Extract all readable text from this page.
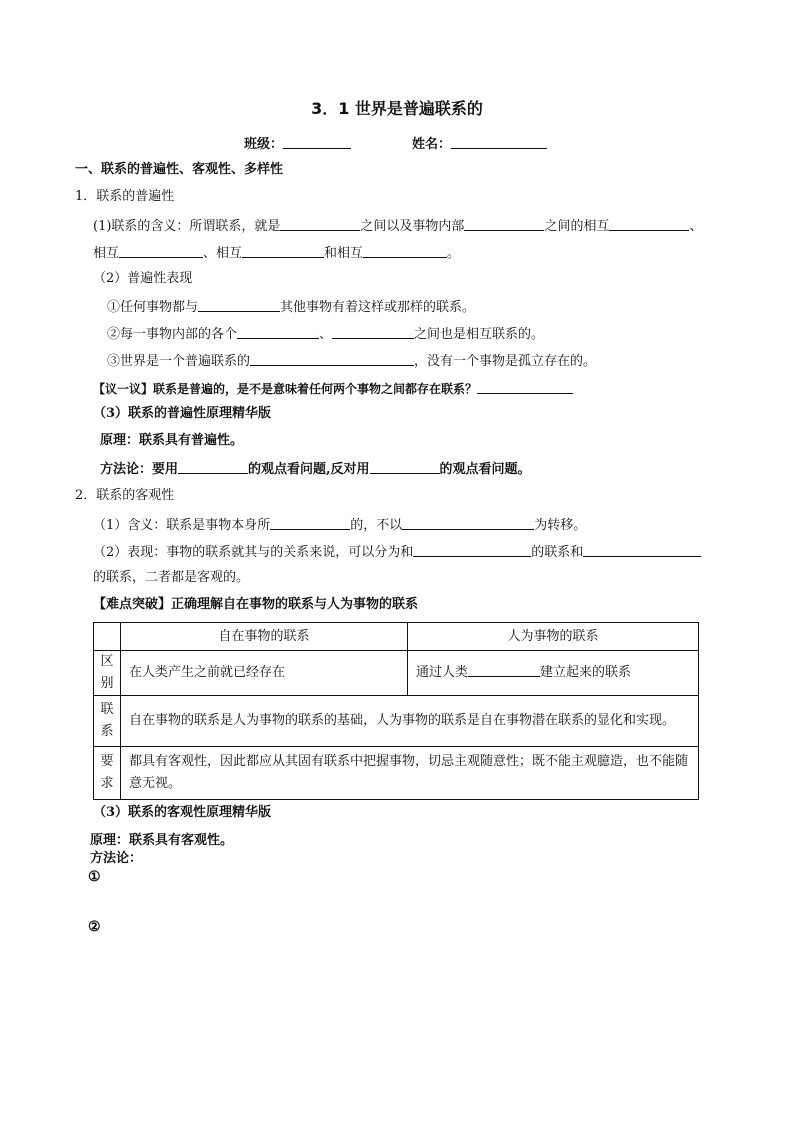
3．1 世界是普遍联系的
班级：	姓名：
一、联系的普遍性、客观性、多样性
1．联系的普遍性
(1)联系的含义：所谓联系，就是	之间以及事物内部	之间的相互	、
相互	、相互	和相互	。
（2）普遍性表现
①任何事物都与	其他事物有着这样或那样的联系。
②每一事物内部的各个	、	之间也是相互联系的。
③世界是一个普遍联系的	，没有一个事物是孤立存在的。
【议一议】联系是普遍的，是不是意味着任何两个事物之间都存在联系？
（3）联系的普遍性原理精华版
原理：联系具有普遍性。
方法论：要用	的观点看问题,反对用	的观点看问题。
2．联系的客观性
（1）含义：联系是事物本身所	的，不以	为转移。
（2）表现：事物的联系就其与的关系来说，可以分为和	的联系和
的联系，二者都是客观的。
【难点突破】正确理解自在事物的联系与人为事物的联系
	自在事物的联系	人为事物的联系
区
别	在人类产生之前就已经存在	通过人类 建立起来的联系
联
系	自在事物的联系是人为事物的联系的基础，人为事物的联系是自在事物潜在联系的显化和实现。	
要
求	都具有客观性，因此都应从其固有联系中把握事物，切忌主观随意性；既不能主观臆造，也不能随意无视。	
（3）联系的客观性原理精华版
原理：联系具有客观性。
方法论：
①
②
